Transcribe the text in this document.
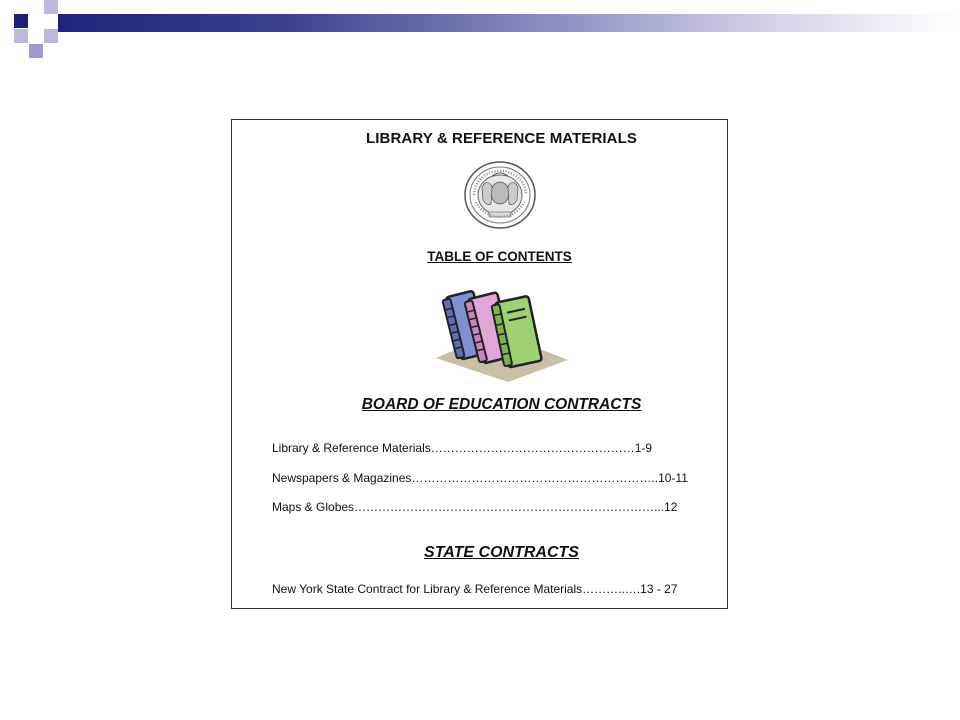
LIBRARY & REFERENCE MATERIALS
TABLE OF CONTENTS
BOARD OF EDUCATION CONTRACTS
Library & Reference Materials……………………………………………1-9
Newspapers & Magazines……………………………………………………..10-11
Maps & Globes…………………………………………………………………...12
STATE CONTRACTS
New York State Contract for Library & Reference Materials………..….13 - 27
